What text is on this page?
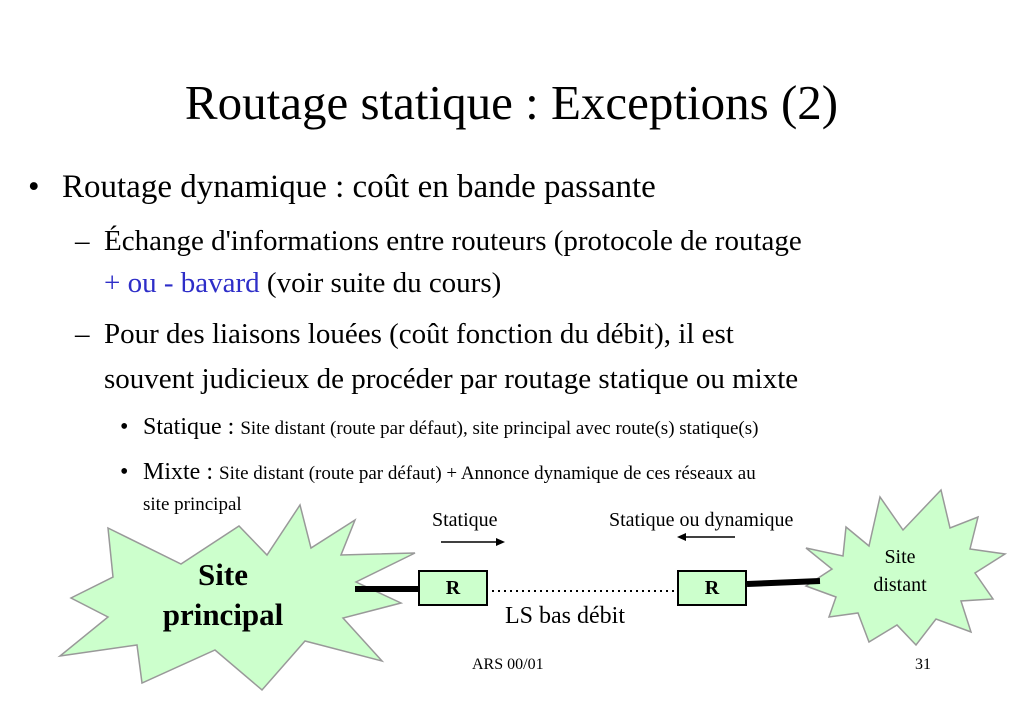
Routage statique : Exceptions (2)
• Routage dynamique : coût en bande passante
– Échange d'informations entre routeurs (protocole de routage
+ ou - bavard (voir suite du cours)
– Pour des liaisons louées (coût fonction du débit), il est
souvent judicieux de procéder par routage statique ou mixte
• Statique : Site distant (route par défaut), site principal avec route(s) statique(s)
• Mixte : Site distant (route par défaut) + Annonce dynamique de ces réseaux au
site principal
Site
principal
Site
distant
R	R
Statique	Statique ou dynamique
LS bas débit
ARS 00/01	31
